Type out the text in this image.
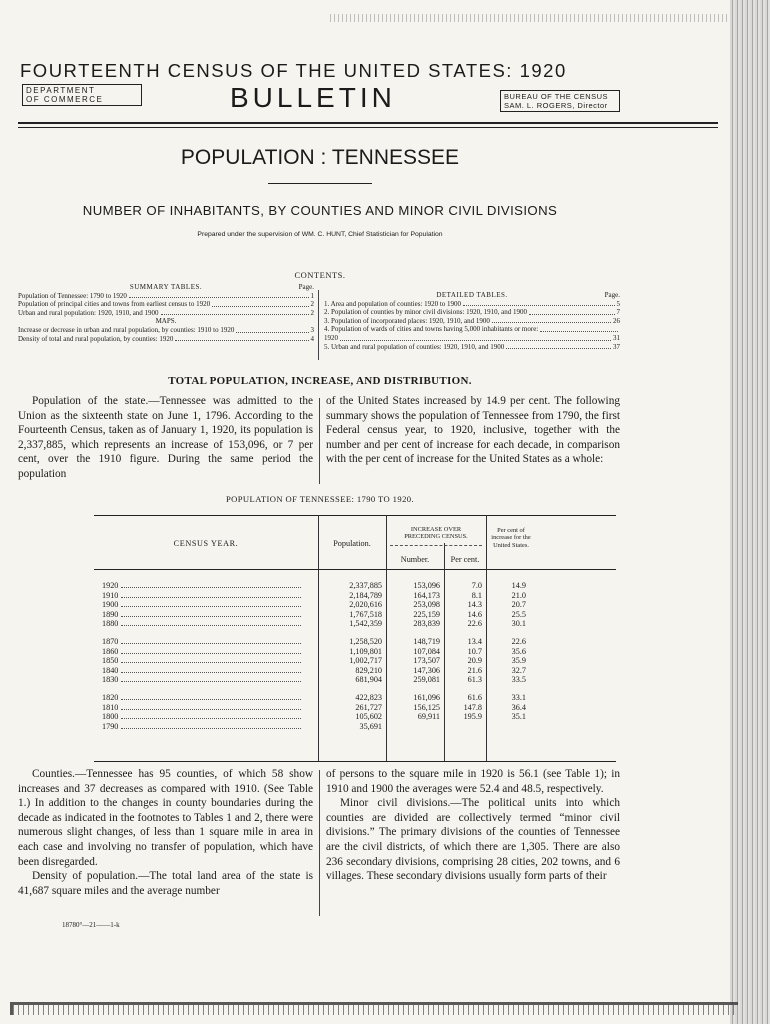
FOURTEENTH CENSUS OF THE UNITED STATES: 1920
DEPARTMENT
OF COMMERCE	BULLETIN	BUREAU OF THE CENSUS
SAM. L. ROGERS, Director
POPULATION : TENNESSEE
NUMBER OF INHABITANTS, BY COUNTIES AND MINOR CIVIL DIVISIONS
Prepared under the supervision of WM. C. HUNT, Chief Statistician for Population
CONTENTS.
SUMMARY TABLES.	Page.
Population of Tennessee: 1790 to 1920	1
Population of principal cities and towns from earliest census to 1920	2
Urban and rural population: 1920, 1910, and 1900	2
MAPS.
Increase or decrease in urban and rural population, by counties: 1910 to 1920	3
Density of total and rural population, by counties: 1920	4
DETAILED TABLES.	Page.
1. Area and population of counties: 1920 to 1900	5
2. Population of counties by minor civil divisions: 1920, 1910, and 1900	7
3. Population of incorporated places: 1920, 1910, and 1900	26
4. Population of wards of cities and towns having 5,000 inhabitants or more:
1920	31
5. Urban and rural population of counties: 1920, 1910, and 1900	37
TOTAL POPULATION, INCREASE, AND DISTRIBUTION.

Population of the state.—Tennessee was admitted to the Union as the sixteenth state on June 1, 1796. According to the Fourteenth Census, taken as of January 1, 1920, its population is 2,337,885, which represents an increase of 153,096, or 7 per cent, over the 1910 figure. During the same period the population

of the United States increased by 14.9 per cent. The following summary shows the population of Tennessee from 1790, the first Federal census year, to 1920, inclusive, together with the number and per cent of increase for each decade, in comparison with the per cent of increase for the United States as a whole:

POPULATION OF TENNESSEE: 1790 TO 1920.
CENSUS YEAR.	Population.
INCREASE OVER PRECEDING CENSUS.
Number.	Per cent.
Per cent of increase for the United States.
1920	2,337,885	153,096	7.0	14.9
1910	2,184,789	164,173	8.1	21.0
1900	2,020,616	253,098	14.3	20.7
1890	1,767,518	225,159	14.6	25.5
1880	1,542,359	283,839	22.6	30.1
1870	1,258,520	148,719	13.4	22.6
1860	1,109,801	107,084	10.7	35.6
1850	1,002,717	173,507	20.9	35.9
1840	829,210	147,306	21.6	32.7
1830	681,904	259,081	61.3	33.5
1820	422,823	161,096	61.6	33.1
1810	261,727	156,125	147.8	36.4
1800	105,602	69,911	195.9	35.1
1790	35,691

Counties.—Tennessee has 95 counties, of which 58 show increases and 37 decreases as compared with 1910. (See Table 1.) In addition to the changes in county boundaries during the decade as indicated in the footnotes to Tables 1 and 2, there were numerous slight changes, of less than 1 square mile in area in each case and involving no transfer of population, which have been disregarded.

Density of population.—The total land area of the state is 41,687 square miles and the average number

of persons to the square mile in 1920 is 56.1 (see Table 1); in 1910 and 1900 the averages were 52.4 and 48.5, respectively.

Minor civil divisions.—The political units into which counties are divided are collectively termed “minor civil divisions.” The primary divisions of the counties of Tennessee are the civil districts, of which there are 1,305. There are also 236 secondary divisions, comprising 28 cities, 202 towns, and 6 villages. These secondary divisions usually form parts of their

18780°—21——1-k
